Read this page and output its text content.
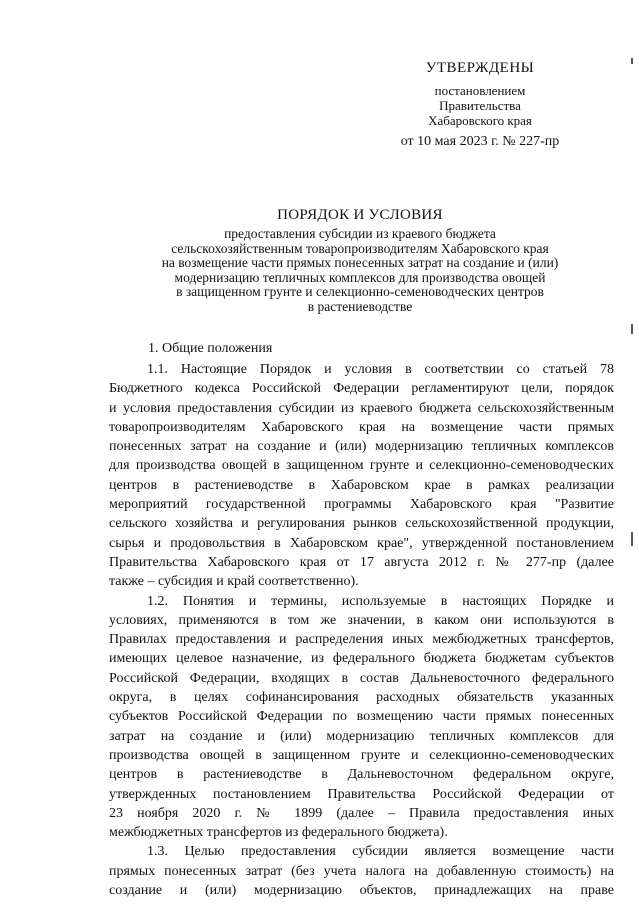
УТВЕРЖДЕНЫ
постановлением
Правительства
Хабаровского края
от 10 мая 2023 г. № 227-пр
ПОРЯДОК И УСЛОВИЯ
предоставления субсидии из краевого бюджета
сельскохозяйственным товаропроизводителям Хабаровского края
на возмещение части прямых понесенных затрат на создание и (или)
модернизацию тепличных комплексов для производства овощей
в защищенном грунте и селекционно-семеноводческих центров
в растениеводстве
1. Общие положения
1.1. Настоящие Порядок и условия в соответствии со статьей 78
Бюджетного кодекса Российской Федерации регламентируют цели, порядок
и условия предоставления субсидии из краевого бюджета сельскохозяйственным
товаропроизводителям Хабаровского края на возмещение части прямых
понесенных затрат на создание и (или) модернизацию тепличных комплексов
для производства овощей в защищенном грунте и селекционно-семеноводческих
центров в растениеводстве в Хабаровском крае в рамках реализации
мероприятий государственной программы Хабаровского края "Развитие
сельского хозяйства и регулирования рынков сельскохозяйственной продукции,
сырья и продовольствия в Хабаровском крае", утвержденной постановлением
Правительства Хабаровского края от 17 августа 2012 г. № 277-пр (далее
также – субсидия и край соответственно).
1.2. Понятия и термины, используемые в настоящих Порядке и
условиях, применяются в том же значении, в каком они используются в
Правилах предоставления и распределения иных межбюджетных трансфертов,
имеющих целевое назначение, из федерального бюджета бюджетам субъектов
Российской Федерации, входящих в состав Дальневосточного федерального
округа, в целях софинансирования расходных обязательств указанных
субъектов Российской Федерации по возмещению части прямых понесенных
затрат на создание и (или) модернизацию тепличных комплексов для
производства овощей в защищенном грунте и селекционно-семеноводческих
центров в растениеводстве в Дальневосточном федеральном округе,
утвержденных постановлением Правительства Российской Федерации от
23 ноября 2020 г. № 1899 (далее – Правила предоставления иных
межбюджетных трансфертов из федерального бюджета).
1.3. Целью предоставления субсидии является возмещение части
прямых понесенных затрат (без учета налога на добавленную стоимость) на
создание и (или) модернизацию объектов, принадлежащих на праве
